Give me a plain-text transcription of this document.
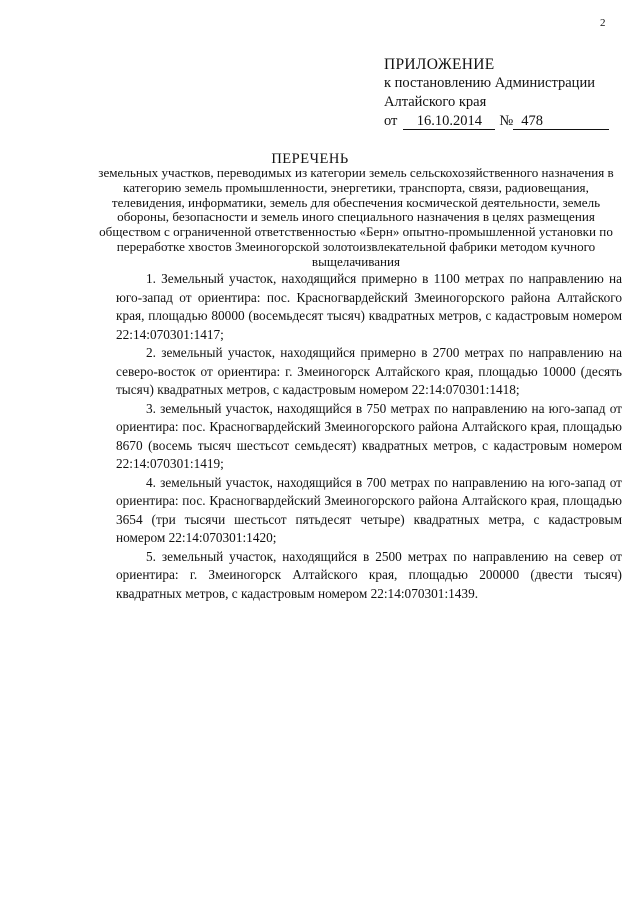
2
ПРИЛОЖЕНИЕ
к постановлению Администрации
Алтайского края
от 16.10.2014 № 478
ПЕРЕЧЕНЬ
земельных участков, переводимых из категории земель сельскохозяйственного назначения в категорию земель промышленности, энергетики, транспорта, связи, радиовещания, телевидения, информатики, земель для обеспечения космической деятельности, земель обороны, безопасности и земель иного специального назначения в целях размещения обществом с ограниченной ответственностью «Берн» опытно-промышленной установки по переработке хвостов Змеиногорской золотоизвлекательной фабрики методом кучного выщелачивания

1. Земельный участок, находящийся примерно в 1100 метрах по направлению на юго-запад от ориентира: пос. Красногвардейский Змеиногорского района Алтайского края, площадью 80000 (восемьдесят тысяч) квадратных метров, с кадастровым номером 22:14:070301:1417;

2. земельный участок, находящийся примерно в 2700 метрах по направлению на северо-восток от ориентира: г. Змеиногорск Алтайского края, площадью 10000 (десять тысяч) квадратных метров, с кадастровым номером 22:14:070301:1418;

3. земельный участок, находящийся в 750 метрах по направлению на юго-запад от ориентира: пос. Красногвардейский Змеиногорского района Алтайского края, площадью 8670 (восемь тысяч шестьсот семьдесят) квадратных метров, с кадастровым номером 22:14:070301:1419;

4. земельный участок, находящийся в 700 метрах по направлению на юго-запад от ориентира: пос. Красногвардейский Змеиногорского района Алтайского края, площадью 3654 (три тысячи шестьсот пятьдесят четыре) квадратных метра, с кадастровым номером 22:14:070301:1420;

5. земельный участок, находящийся в 2500 метрах по направлению на север от ориентира: г. Змеиногорск Алтайского края, площадью 200000 (двести тысяч) квадратных метров, с кадастровым номером 22:14:070301:1439.
